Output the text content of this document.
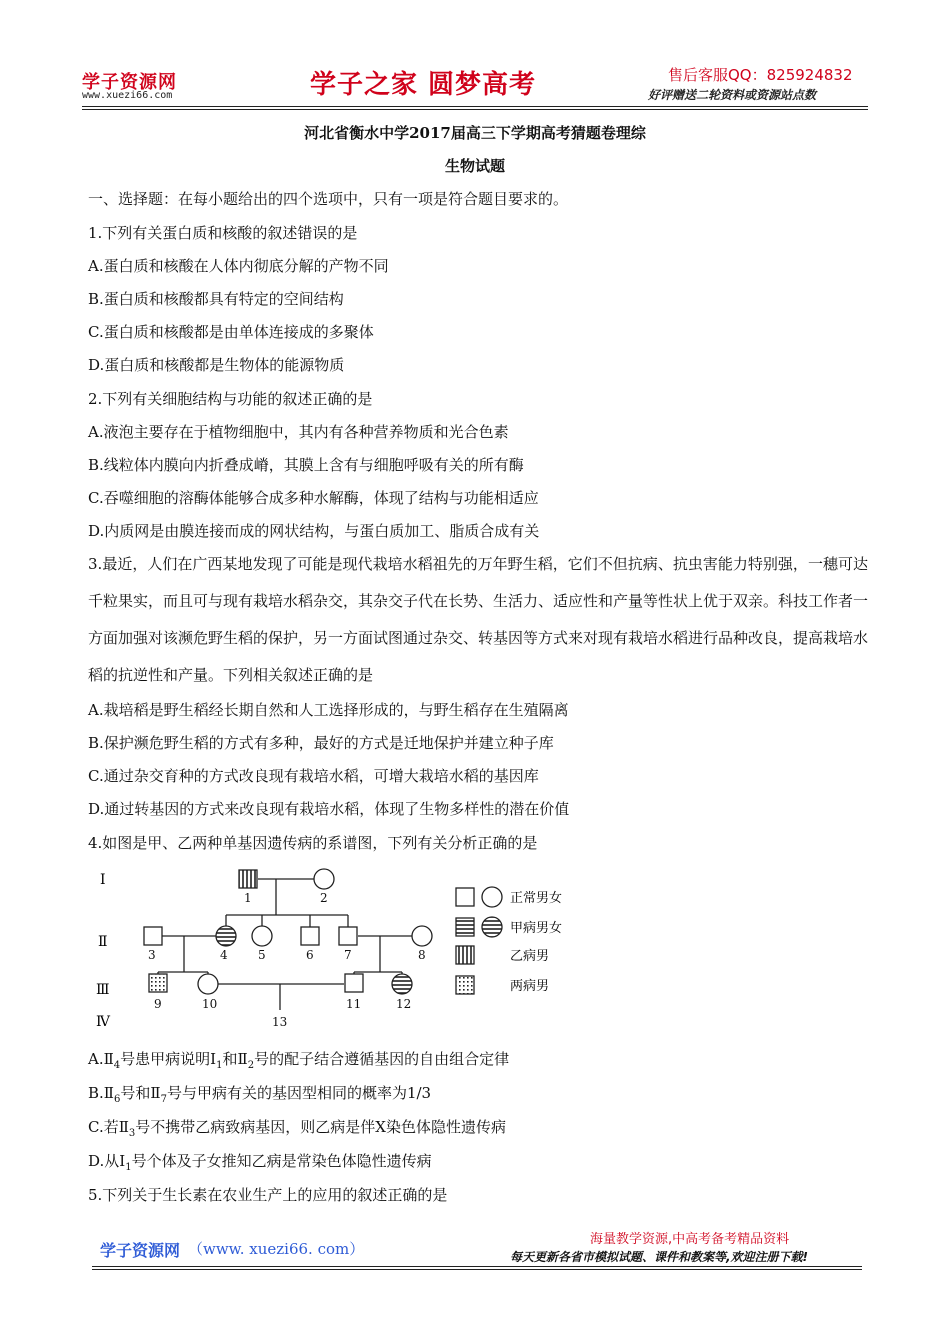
学子资源网
www.xuezi66.com	学子之家 圆梦高考	售后客服QQ：825924832
好评赠送二轮资料或资源站点数
河北省衡水中学2017届高三下学期高考猜题卷理综
生物试题
一、选择题：在每小题给出的四个选项中，只有一项是符合题目要求的。
1.下列有关蛋白质和核酸的叙述错误的是
A.蛋白质和核酸在人体内彻底分解的产物不同
B.蛋白质和核酸都具有特定的空间结构
C.蛋白质和核酸都是由单体连接成的多聚体
D.蛋白质和核酸都是生物体的能源物质
2.下列有关细胞结构与功能的叙述正确的是
A.液泡主要存在于植物细胞中，其内有各种营养物质和光合色素
B.线粒体内膜向内折叠成嵴，其膜上含有与细胞呼吸有关的所有酶
C.吞噬细胞的溶酶体能够合成多种水解酶，体现了结构与功能相适应
D.内质网是由膜连接而成的网状结构，与蛋白质加工、脂质合成有关
3.最近，人们在广西某地发现了可能是现代栽培水稻祖先的万年野生稻，它们不但抗病、抗虫害能力特别强，一穗可达千粒果实，而且可与现有栽培水稻杂交，其杂交子代在长势、生活力、适应性和产量等性状上优于双亲。科技工作者一方面加强对该濒危野生稻的保护，另一方面试图通过杂交、转基因等方式来对现有栽培水稻进行品种改良，提高栽培水稻的抗逆性和产量。下列相关叙述正确的是
A.栽培稻是野生稻经长期自然和人工选择形成的，与野生稻存在生殖隔离
B.保护濒危野生稻的方式有多种，最好的方式是迁地保护并建立种子库
C.通过杂交育种的方式改良现有栽培水稻，可增大栽培水稻的基因库
D.通过转基因的方式来改良现有栽培水稻，体现了生物多样性的潜在价值
4.如图是甲、乙两种单基因遗传病的系谱图，下列有关分析正确的是
Ⅰ
Ⅱ
Ⅲ
Ⅳ
1	2
3	4	5	6	7	8
9	10	11	12
13
正常男女
甲病男女
乙病男
两病男
$A.Ⅱ_4$号患甲病说明$Ⅰ_1$和$Ⅱ_2$号的配子结合遵循基因的自由组合定律
$B.Ⅱ_6$号和$Ⅱ_7$号与甲病有关的基因型相同的概率为1/3
C.若$Ⅱ_3$号不携带乙病致病基因，则乙病是伴X染色体隐性遗传病
D.从$I_1$号个体及子女推知乙病是常染色体隐性遗传病
5.下列关于生长素在农业生产上的应用的叙述正确的是
学子资源网 （www. xuezi66. com）
海量教学资源,中高考备考精品资料
每天更新各省市模拟试题、课件和教案等,欢迎注册下载!
